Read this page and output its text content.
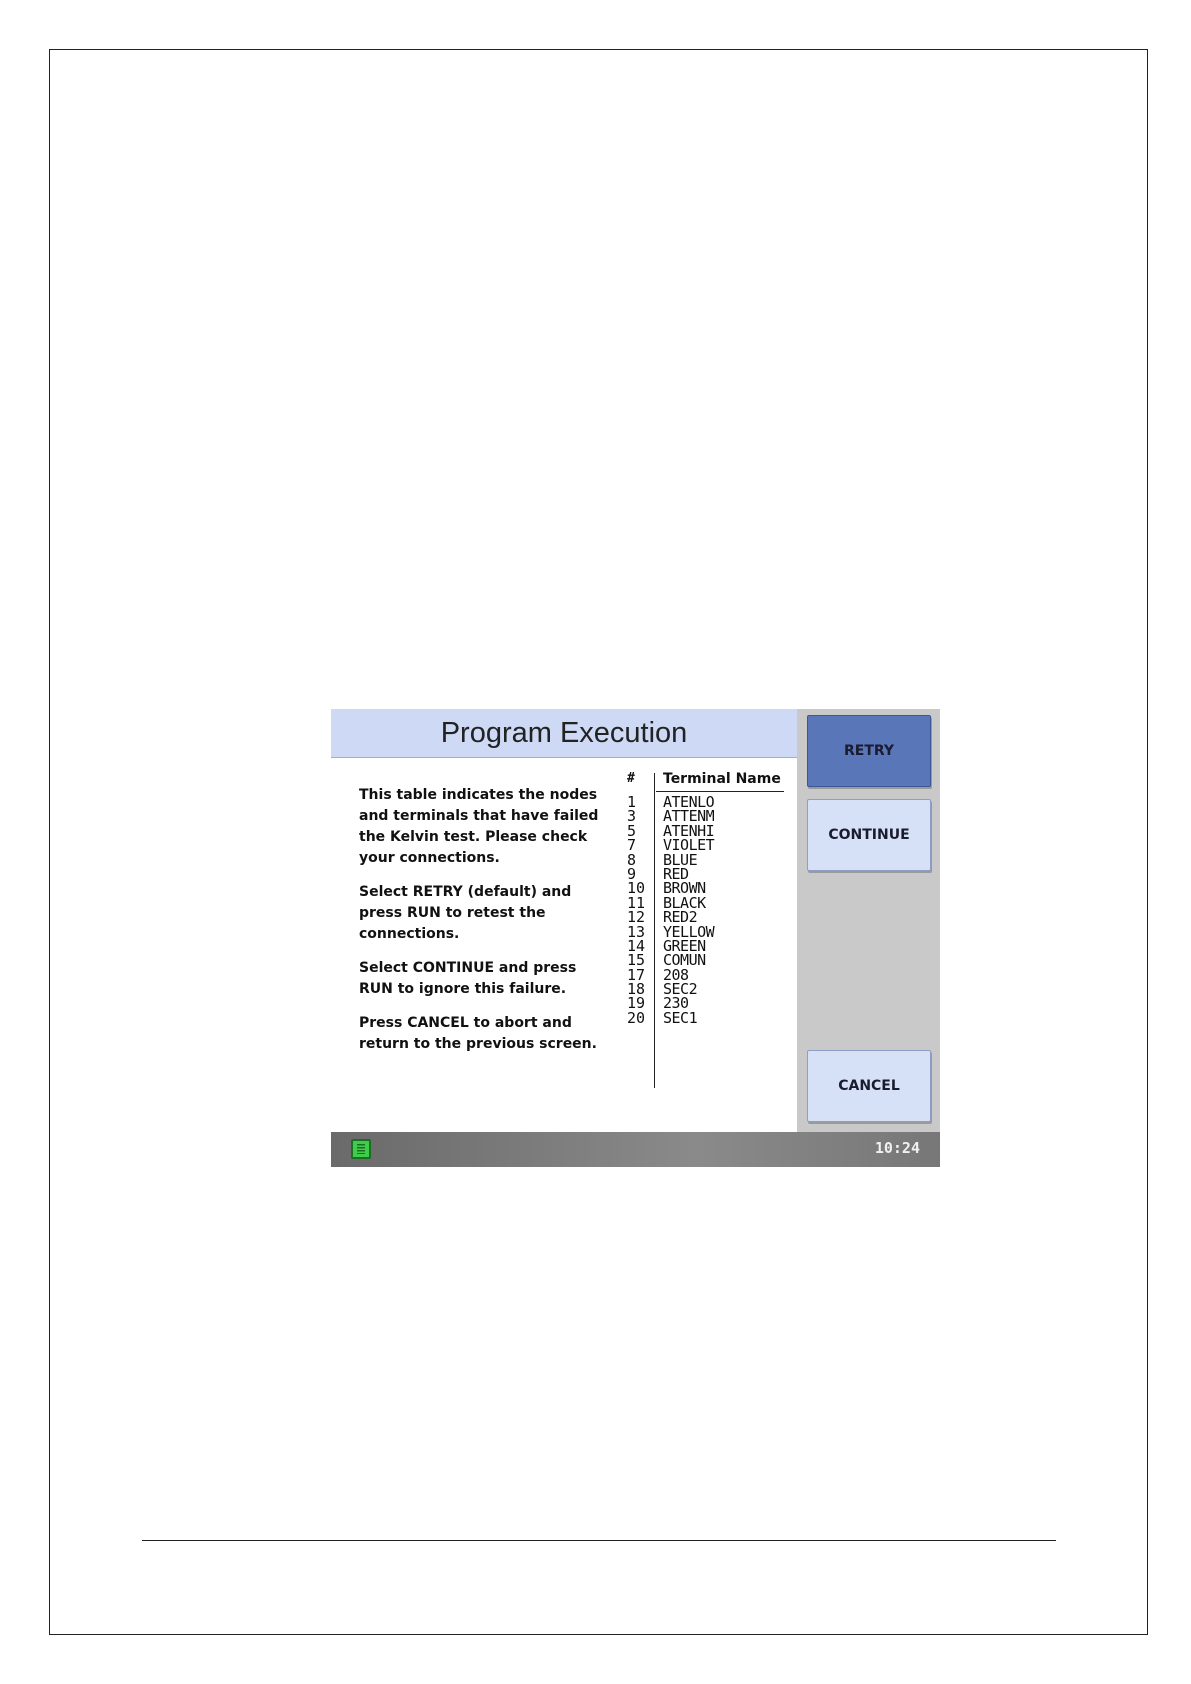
Program Execution

This table indicates the nodes and terminals that have failed the Kelvin test. Please check your connections.

Select RETRY (default) and press RUN to retest the connections.

Select CONTINUE and press RUN to ignore this failure.

Press CANCEL to abort and return to the previous screen.

# Terminal Name
1 ATENLO
3 ATTENM
5 ATENHI
7 VIOLET
8 BLUE
9 RED
10 BROWN
11 BLACK
12 RED2
13 YELLOW
14 GREEN
15 COMUN
17 208
18 SEC2
19 230
20 SEC1
RETRY
CONTINUE
CANCEL
10:24
